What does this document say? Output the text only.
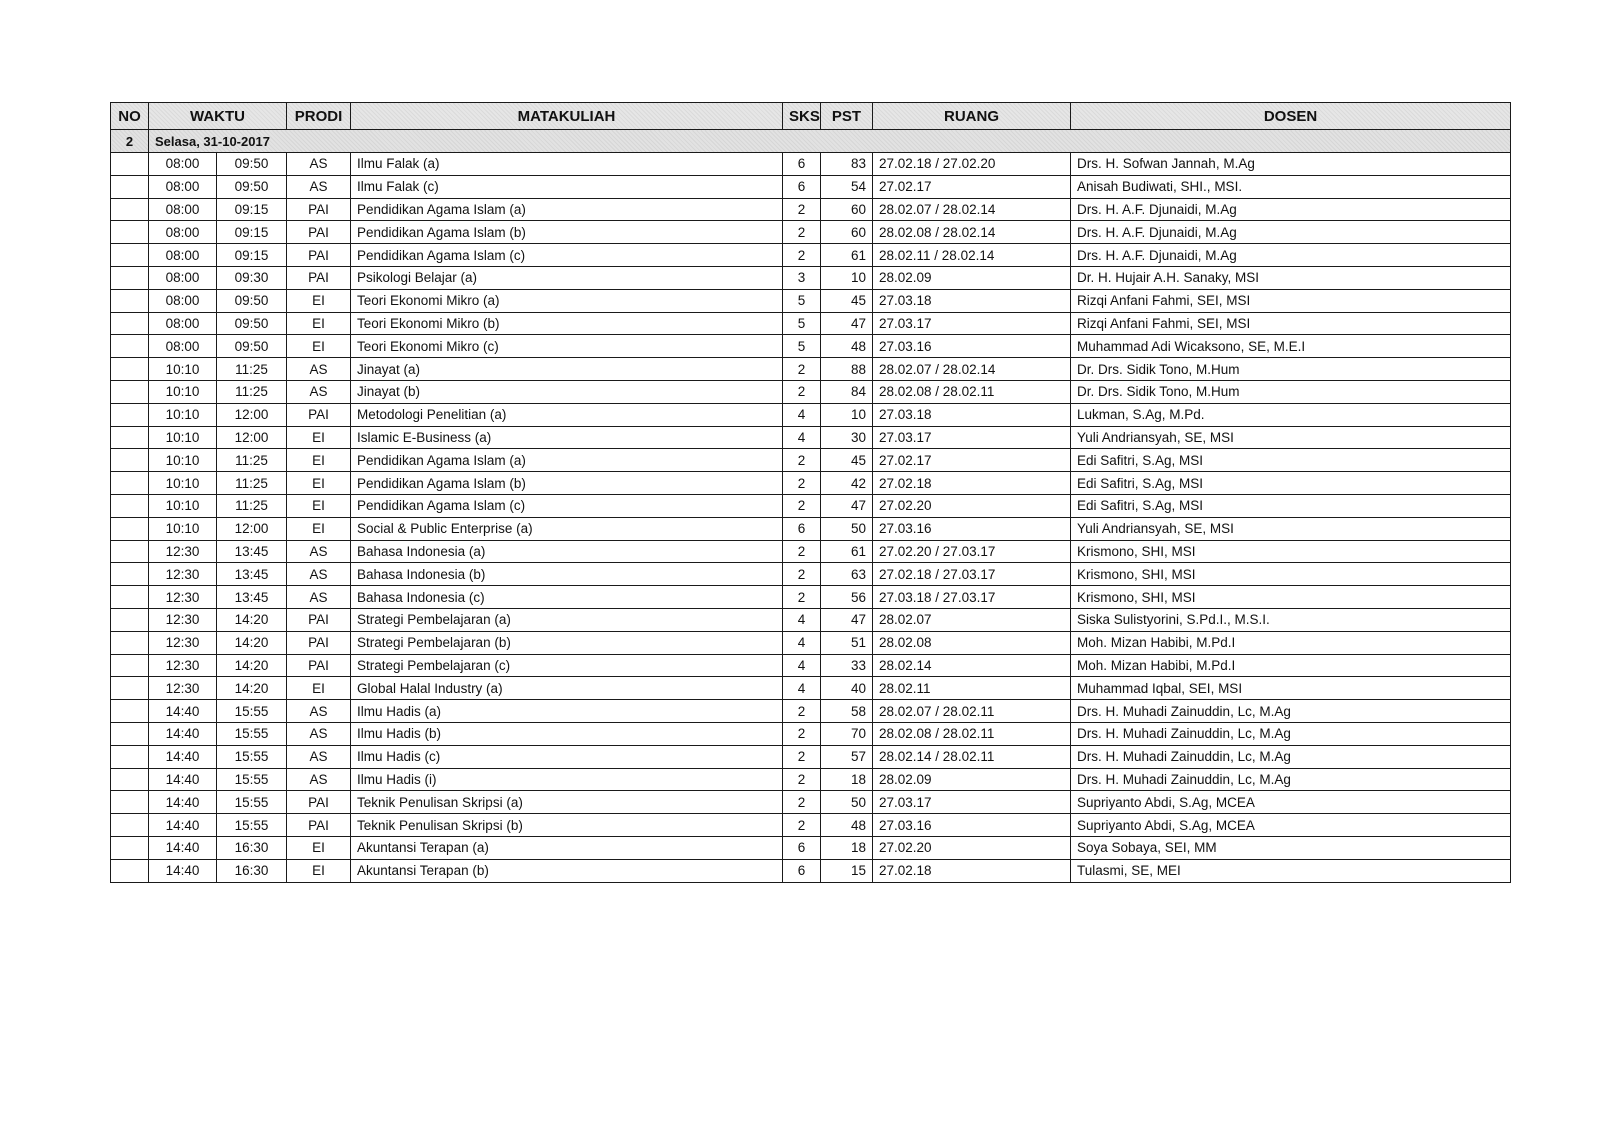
NO	WAKTU		PRODI	MATAKULIAH	SKS	PST	RUANG	DOSEN
2	Selasa, 31-10-2017							
	08:00	09:50	AS	Ilmu Falak (a)	6	83	27.02.18 / 27.02.20	Drs. H. Sofwan Jannah, M.Ag
	08:00	09:50	AS	Ilmu Falak (c)	6	54	27.02.17	Anisah Budiwati, SHI., MSI.
	08:00	09:15	PAI	Pendidikan Agama Islam (a)	2	60	28.02.07 / 28.02.14	Drs. H. A.F. Djunaidi, M.Ag
	08:00	09:15	PAI	Pendidikan Agama Islam (b)	2	60	28.02.08 / 28.02.14	Drs. H. A.F. Djunaidi, M.Ag
	08:00	09:15	PAI	Pendidikan Agama Islam (c)	2	61	28.02.11 / 28.02.14	Drs. H. A.F. Djunaidi, M.Ag
	08:00	09:30	PAI	Psikologi Belajar (a)	3	10	28.02.09	Dr. H. Hujair A.H. Sanaky, MSI
	08:00	09:50	EI	Teori Ekonomi Mikro (a)	5	45	27.03.18	Rizqi Anfani Fahmi, SEI, MSI
	08:00	09:50	EI	Teori Ekonomi Mikro (b)	5	47	27.03.17	Rizqi Anfani Fahmi, SEI, MSI
	08:00	09:50	EI	Teori Ekonomi Mikro (c)	5	48	27.03.16	Muhammad Adi Wicaksono, SE, M.E.I
	10:10	11:25	AS	Jinayat (a)	2	88	28.02.07 / 28.02.14	Dr. Drs. Sidik Tono, M.Hum
	10:10	11:25	AS	Jinayat (b)	2	84	28.02.08 / 28.02.11	Dr. Drs. Sidik Tono, M.Hum
	10:10	12:00	PAI	Metodologi Penelitian (a)	4	10	27.03.18	Lukman, S.Ag, M.Pd.
	10:10	12:00	EI	Islamic E-Business (a)	4	30	27.03.17	Yuli Andriansyah, SE, MSI
	10:10	11:25	EI	Pendidikan Agama Islam (a)	2	45	27.02.17	Edi Safitri, S.Ag, MSI
	10:10	11:25	EI	Pendidikan Agama Islam (b)	2	42	27.02.18	Edi Safitri, S.Ag, MSI
	10:10	11:25	EI	Pendidikan Agama Islam (c)	2	47	27.02.20	Edi Safitri, S.Ag, MSI
	10:10	12:00	EI	Social & Public Enterprise (a)	6	50	27.03.16	Yuli Andriansyah, SE, MSI
	12:30	13:45	AS	Bahasa Indonesia (a)	2	61	27.02.20 / 27.03.17	Krismono, SHI, MSI
	12:30	13:45	AS	Bahasa Indonesia (b)	2	63	27.02.18 / 27.03.17	Krismono, SHI, MSI
	12:30	13:45	AS	Bahasa Indonesia (c)	2	56	27.03.18 / 27.03.17	Krismono, SHI, MSI
	12:30	14:20	PAI	Strategi Pembelajaran (a)	4	47	28.02.07	Siska Sulistyorini, S.Pd.I., M.S.I.
	12:30	14:20	PAI	Strategi Pembelajaran (b)	4	51	28.02.08	Moh. Mizan Habibi, M.Pd.I
	12:30	14:20	PAI	Strategi Pembelajaran (c)	4	33	28.02.14	Moh. Mizan Habibi, M.Pd.I
	12:30	14:20	EI	Global Halal Industry (a)	4	40	28.02.11	Muhammad Iqbal, SEI, MSI
	14:40	15:55	AS	Ilmu Hadis (a)	2	58	28.02.07 / 28.02.11	Drs. H. Muhadi Zainuddin, Lc, M.Ag
	14:40	15:55	AS	Ilmu Hadis (b)	2	70	28.02.08 / 28.02.11	Drs. H. Muhadi Zainuddin, Lc, M.Ag
	14:40	15:55	AS	Ilmu Hadis (c)	2	57	28.02.14 / 28.02.11	Drs. H. Muhadi Zainuddin, Lc, M.Ag
	14:40	15:55	AS	Ilmu Hadis (i)	2	18	28.02.09	Drs. H. Muhadi Zainuddin, Lc, M.Ag
	14:40	15:55	PAI	Teknik Penulisan Skripsi (a)	2	50	27.03.17	Supriyanto Abdi, S.Ag, MCEA
	14:40	15:55	PAI	Teknik Penulisan Skripsi (b)	2	48	27.03.16	Supriyanto Abdi, S.Ag, MCEA
	14:40	16:30	EI	Akuntansi Terapan (a)	6	18	27.02.20	Soya Sobaya, SEI, MM
	14:40	16:30	EI	Akuntansi Terapan (b)	6	15	27.02.18	Tulasmi, SE, MEI
